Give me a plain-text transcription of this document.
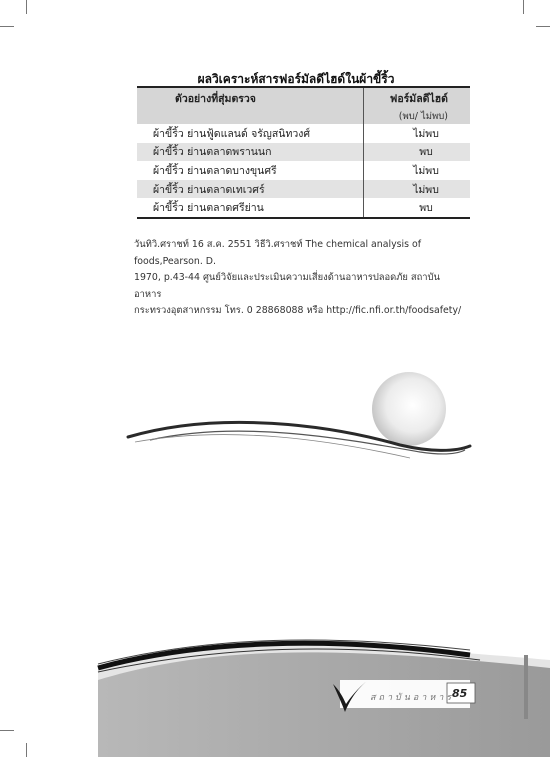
ผลวิเคราะห์สารฟอร์มัลดีไฮด์ในผ้าขี้ริ้ว
ตัวอย่างที่สุ่มตรวจ	ฟอร์มัลดีไฮด์
	(พบ/ ไม่พบ)
ผ้าขี้ริ้ว ย่านฟู้ดแลนด์ จรัญสนิทวงศ์	ไม่พบ
ผ้าขี้ริ้ว ย่านตลาดพรานนก	พบ
ผ้าขี้ริ้ว ย่านตลาดบางขุนศรี	ไม่พบ
ผ้าขี้ริ้ว ย่านตลาดเทเวศร์	ไม่พบ
ผ้าขี้ริ้ว ย่านตลาดศรีย่าน	พบ
วันทิวิ.ศราชท์ 16 ส.ค. 2551 วิธีวิ.ศราชท์ The chemical analysis of foods,Pearson. D.
1970, p.43-44 ศูนย์วิจัยและประเมินความเสี่ยงด้านอาหารปลอดภัย สถาบันอาหาร
กระทรวงอุตสาหกรรม โทร. 0 28868088 หรือ http://fic.nfi.or.th/foodsafety/
สถาบันอาหาร
85
